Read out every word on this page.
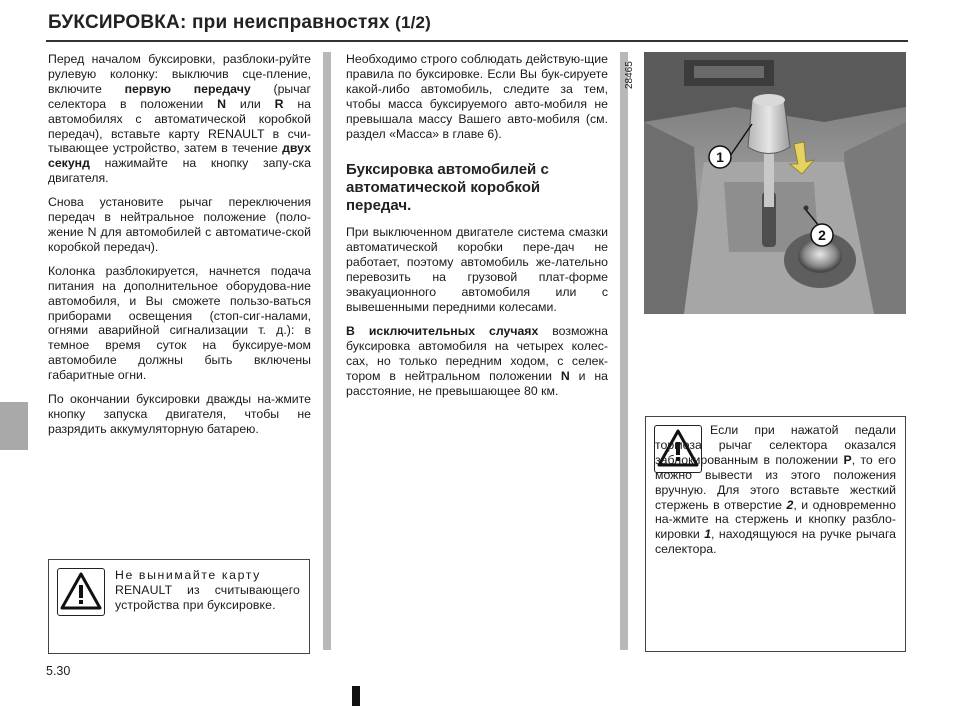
БУКСИРОВКА: при неисправностях (1/2)

Перед началом буксировки, разблоки-руйте рулевую колонку: выключив сце-пление, включите первую передачу (рычаг селектора в положении N или R на автомобилях с автоматической коробкой передач), вставьте карту RENAULT в счи-тывающее устройство, затем в течение двух секунд нажимайте на кнопку запу-ска двигателя.

Снова установите рычаг переключения передач в нейтральное положение (поло-жение N для автомобилей с автоматиче-ской коробкой передач).

Колонка разблокируется, начнется подача питания на дополнительное оборудова-ние автомобиля, и Вы сможете пользо-ваться приборами освещения (стоп-сиг-налами, огнями аварийной сигнализации т. д.): в темное время суток на буксируе-мом автомобиле должны быть включены габаритные огни.

По окончании буксировки дважды на-жмите кнопку запуска двигателя, чтобы не разрядить аккумуляторную батарею.

Необходимо строго соблюдать действую-щие правила по буксировке. Если Вы бук-сируете какой-либо автомобиль, следите за тем, чтобы масса буксируемого авто-мобиля не превышала массу Вашего авто-мобиля (см. раздел «Масса» в главе 6).

Буксировка автомобилей с автоматической коробкой передач.

При выключенном двигателе система смазки автоматической коробки пере-дач не работает, поэтому автомобиль же-лательно перевозить на грузовой плат-форме эвакуационного автомобиля или с вывешенными передними колесами.

В исключительных случаях возможна буксировка автомобиля на четырех колес-сах, но только передним ходом, с селек-тором в нейтральном положении N и на расстояние, не превышающее 80 км.

28465
1
2

Не вынимайте карту

RENAULT из считывающего устройства при буксировке.

Если при нажатой педали тормоза рычаг селектора оказался заблокированным в положении P, то его можно вывести из этого положения вручную. Для этого вставьте жесткий стержень в отверстие 2, и одновременно на-жмите на стержень и кнопку разбло-кировки 1, находящуюся на ручке рычага селектора.

5.30
